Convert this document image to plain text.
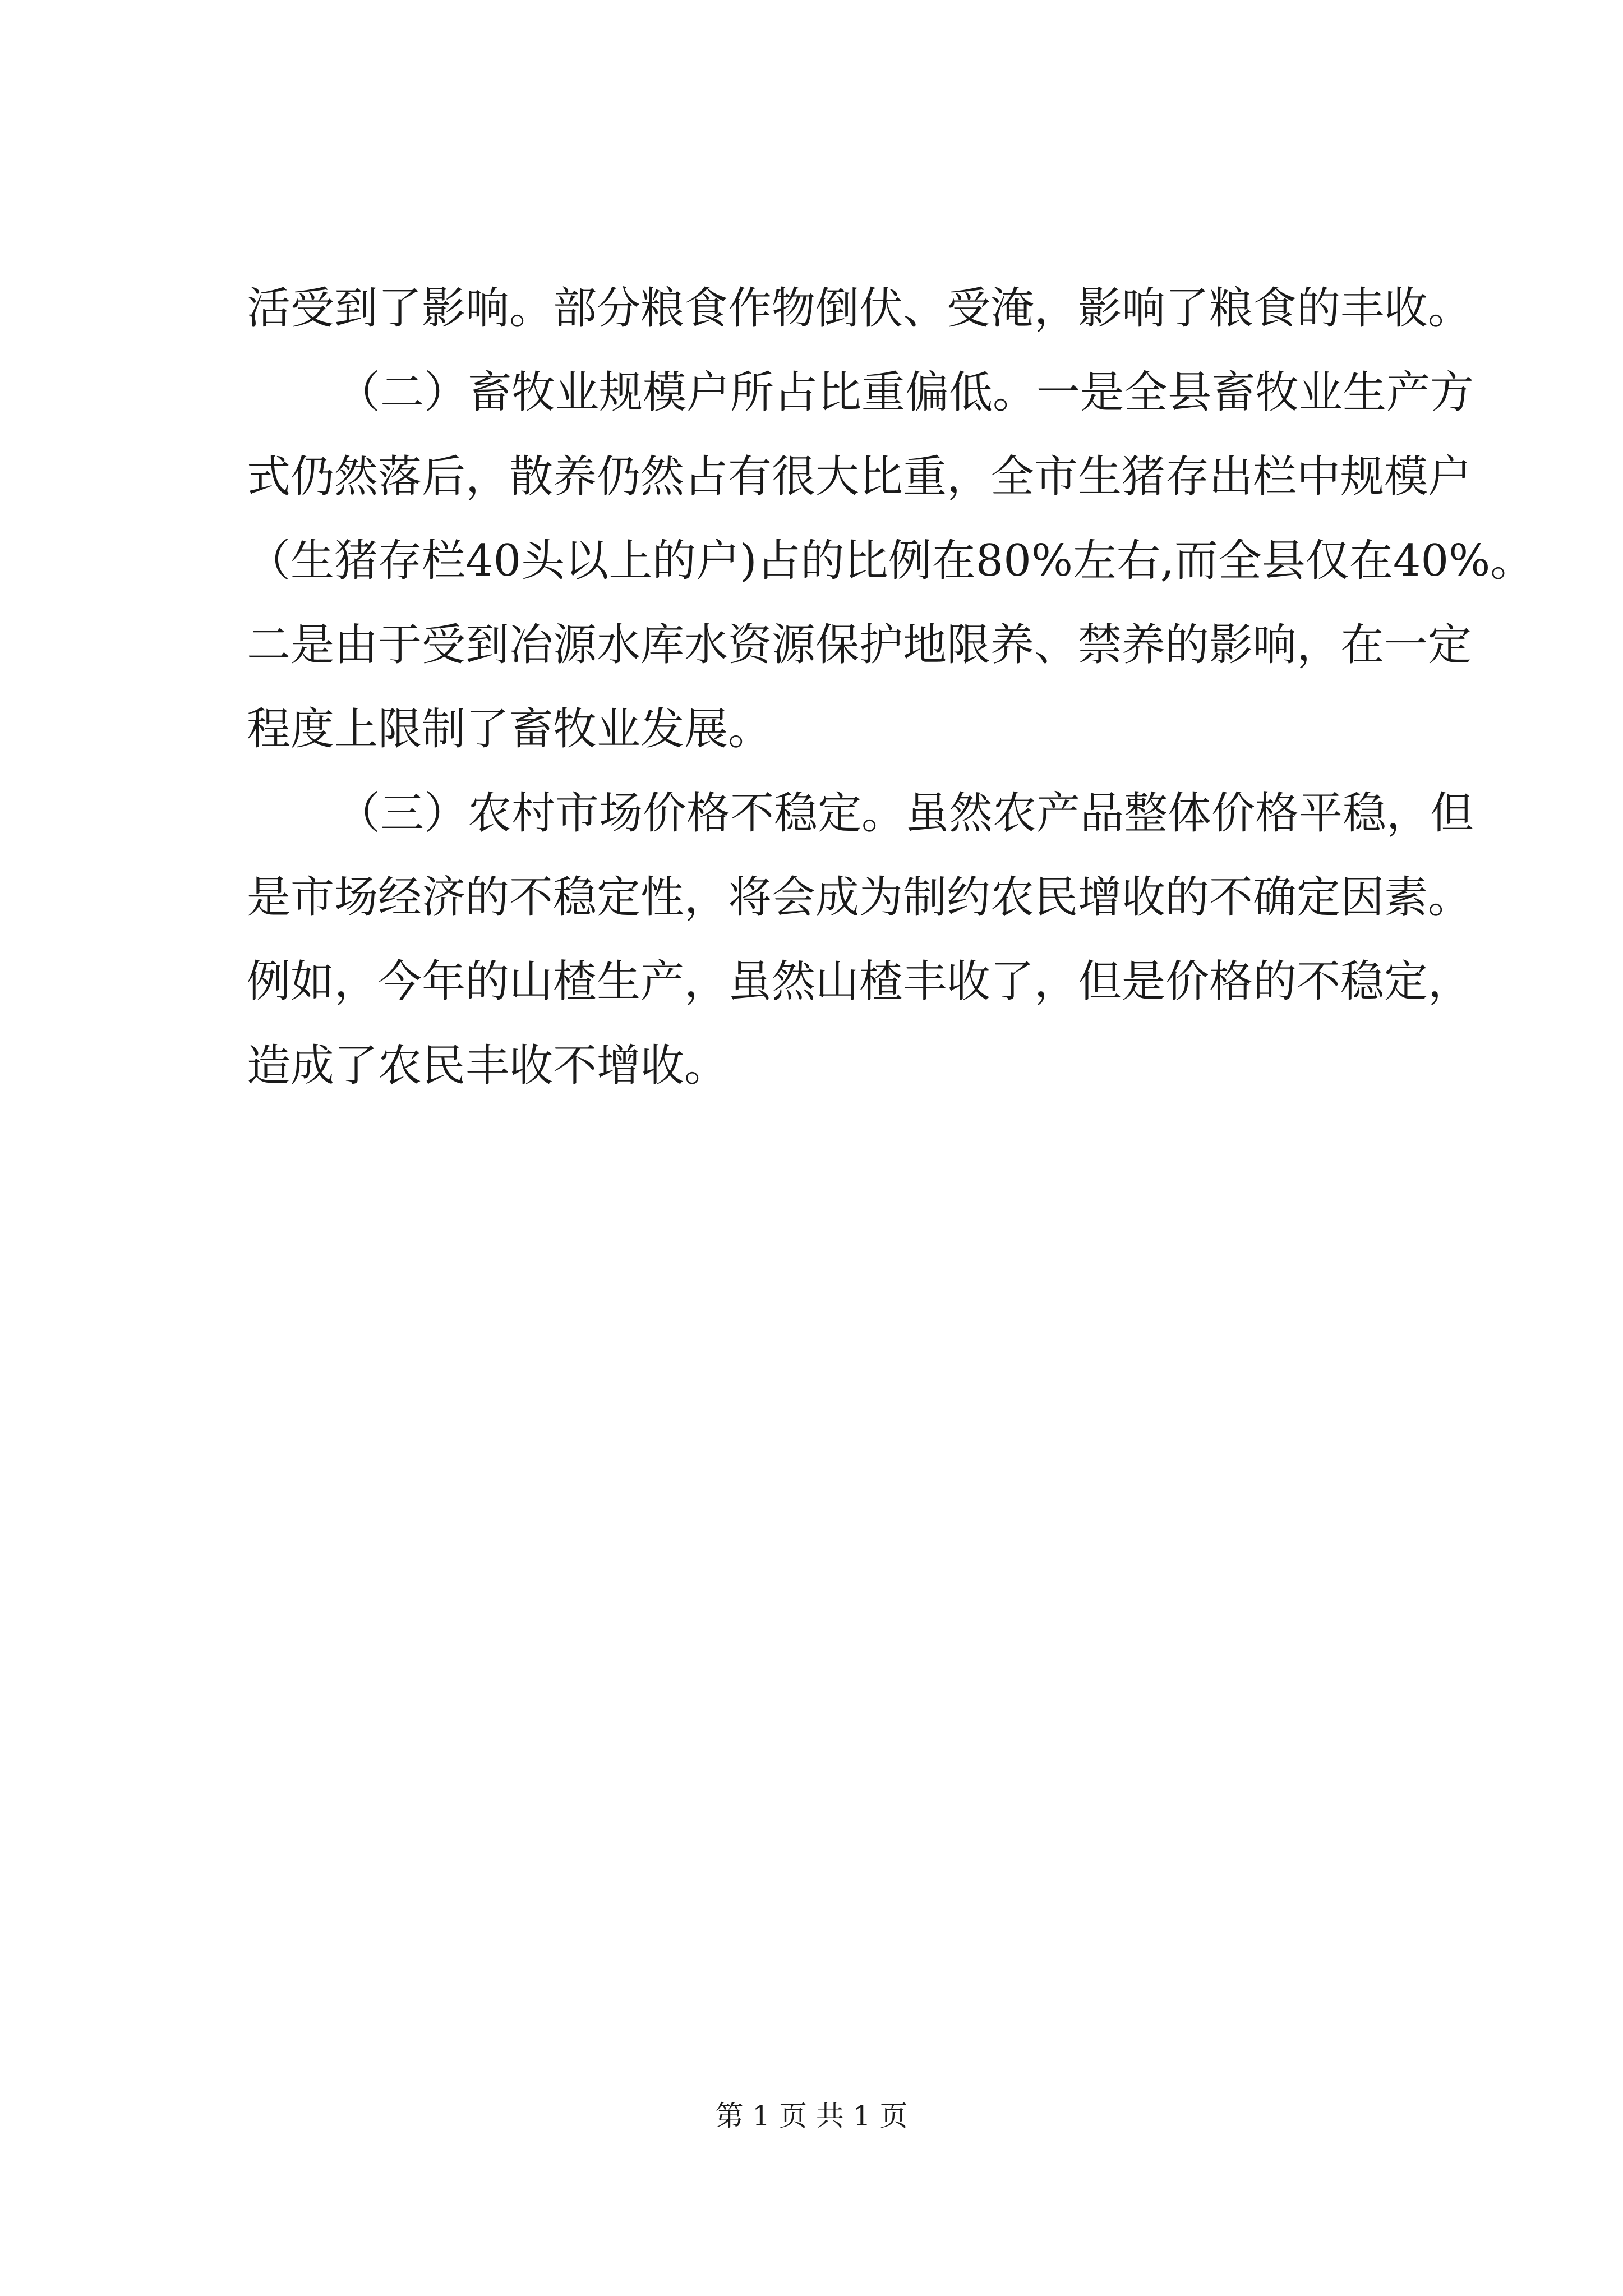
活受到了影响。部分粮食作物倒伏、受淹，影响了粮食的丰收。
（二）畜牧业规模户所占比重偏低。一是全县畜牧业生产方
式仍然落后，散养仍然占有很大比重，全市生猪存出栏中规模户
（生猪存栏40头以上的户)占的比例在80%左右,而全县仅在40%。
二是由于受到冶源水库水资源保护地限养、禁养的影响，在一定
程度上限制了畜牧业发展。
（三）农村市场价格不稳定。虽然农产品整体价格平稳，但
是市场经济的不稳定性，将会成为制约农民增收的不确定因素。
例如，今年的山楂生产，虽然山楂丰收了，但是价格的不稳定，
造成了农民丰收不增收。
第 1 页 共 1 页
